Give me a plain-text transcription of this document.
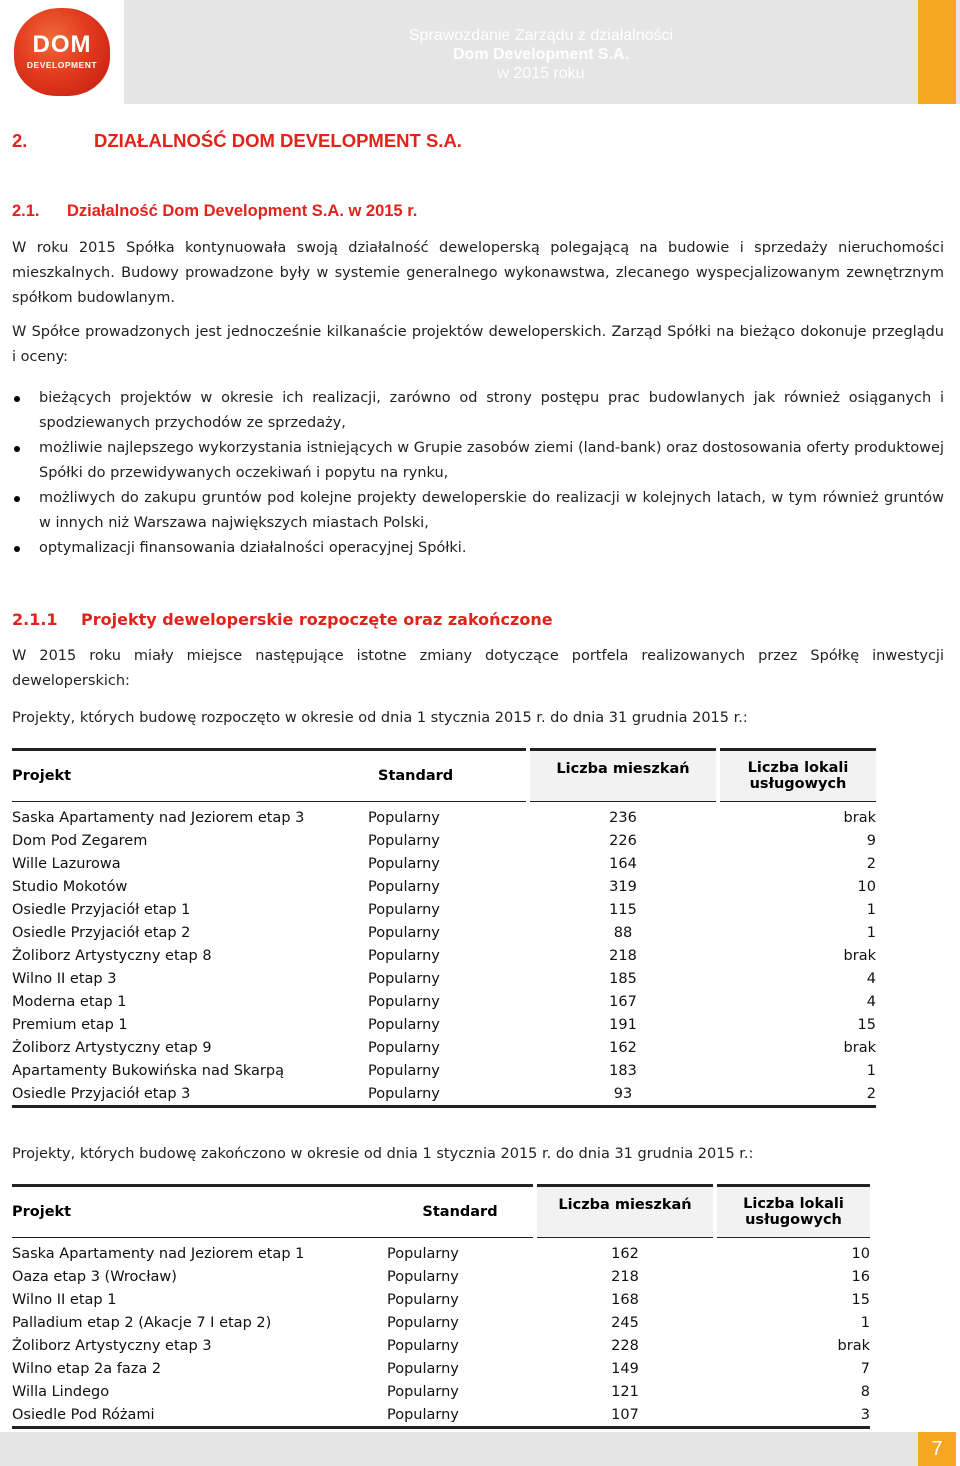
DOM
DEVELOPMENT
Sprawozdanie Zarządu z działalności
Dom Development S.A.
w 2015 roku
2.	DZIAŁALNOŚĆ DOM DEVELOPMENT S.A.
2.1. Działalność Dom Development S.A. w 2015 r.
W roku 2015 Spółka kontynuowała swoją działalność deweloperską polegającą na budowie i sprzedaży nieruchomości mieszkalnych. Budowy prowadzone były w systemie generalnego wykonawstwa, zlecanego wyspecjalizowanym zewnętrznym spółkom budowlanym.
W Spółce prowadzonych jest jednocześnie kilkanaście projektów deweloperskich. Zarząd Spółki na bieżąco dokonuje przeglądu i oceny:
bieżących projektów w okresie ich realizacji, zarówno od strony postępu prac budowlanych jak również osiąganych i spodziewanych przychodów ze sprzedaży,
możliwie najlepszego wykorzystania istniejących w Grupie zasobów ziemi (land-bank) oraz dostosowania oferty produktowej Spółki do przewidywanych oczekiwań i popytu na rynku,
możliwych do zakupu gruntów pod kolejne projekty deweloperskie do realizacji w kolejnych latach, w tym również gruntów w innych niż Warszawa największych miastach Polski,
optymalizacji finansowania działalności operacyjnej Spółki.
2.1.1 Projekty deweloperskie rozpoczęte oraz zakończone
W 2015 roku miały miejsce następujące istotne zmiany dotyczące portfela realizowanych przez Spółkę inwestycji deweloperskich:
Projekty, których budowę rozpoczęto w okresie od dnia 1 stycznia 2015 r. do dnia 31 grudnia 2015 r.:
Projekt	Standard	Liczba mieszkań	Liczba lokali
usługowych

Saska Apartamenty nad Jeziorem etap 3	Popularny	236	brak
Dom Pod Zegarem	Popularny	226	9
Wille Lazurowa	Popularny	164	2
Studio Mokotów	Popularny	319	10
Osiedle Przyjaciół etap 1	Popularny	115	1
Osiedle Przyjaciół etap 2	Popularny	88	1
Żoliborz Artystyczny etap 8	Popularny	218	brak
Wilno II etap 3	Popularny	185	4
Moderna etap 1	Popularny	167	4
Premium etap 1	Popularny	191	15
Żoliborz Artystyczny etap 9	Popularny	162	brak
Apartamenty Bukowińska nad Skarpą	Popularny	183	1
Osiedle Przyjaciół etap 3	Popularny	93	2
Projekty, których budowę zakończono w okresie od dnia 1 stycznia 2015 r. do dnia 31 grudnia 2015 r.:
Projekt	Standard	Liczba mieszkań	Liczba lokali
usługowych

Saska Apartamenty nad Jeziorem etap 1	Popularny	162	10
Oaza etap 3 (Wrocław)	Popularny	218	16
Wilno II etap 1	Popularny	168	15
Palladium etap 2 (Akacje 7 I etap 2)	Popularny	245	1
Żoliborz Artystyczny etap 3	Popularny	228	brak
Wilno etap 2a faza 2	Popularny	149	7
Willa Lindego	Popularny	121	8
Osiedle Pod Różami	Popularny	107	3
7
